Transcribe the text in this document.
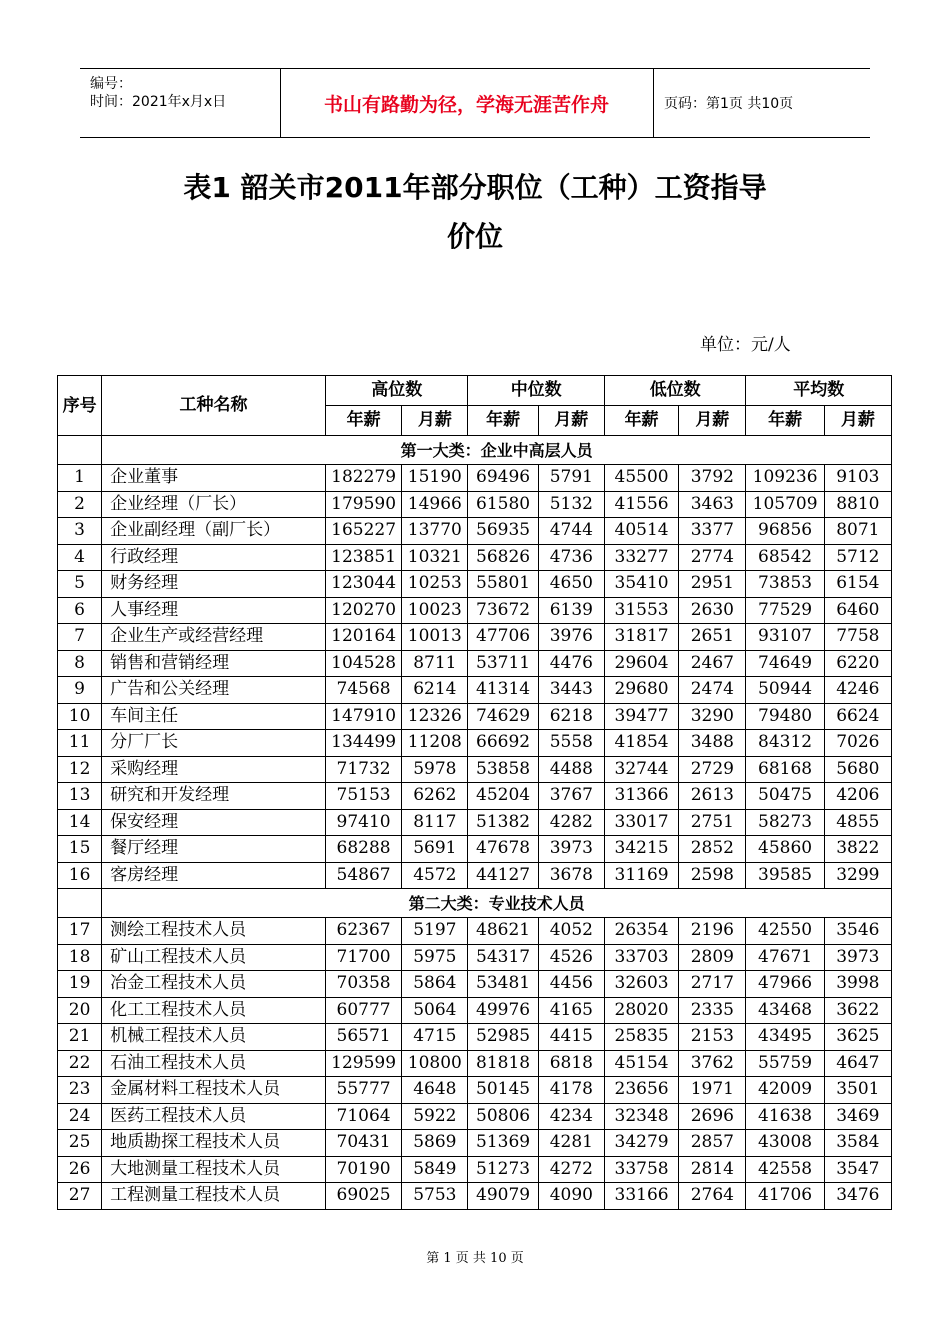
编号：
时间：2021年x月x日	书山有路勤为径，学海无涯苦作舟	页码：第1页 共10页
表1 韶关市2011年部分职位（工种）工资指导
价位
单位：元/人
序号	工种名称	高位数		中位数		低位数		平均数	
		年薪	月薪	年薪	月薪	年薪	月薪	年薪	月薪
	第一大类：企业中高层人员								
1	企业董事	182279	15190	69496	5791	45500	3792	109236	9103
2	企业经理（厂长）	179590	14966	61580	5132	41556	3463	105709	8810
3	企业副经理（副厂长）	165227	13770	56935	4744	40514	3377	96856	8071
4	行政经理	123851	10321	56826	4736	33277	2774	68542	5712
5	财务经理	123044	10253	55801	4650	35410	2951	73853	6154
6	人事经理	120270	10023	73672	6139	31553	2630	77529	6460
7	企业生产或经营经理	120164	10013	47706	3976	31817	2651	93107	7758
8	销售和营销经理	104528	8711	53711	4476	29604	2467	74649	6220
9	广告和公关经理	74568	6214	41314	3443	29680	2474	50944	4246
10	车间主任	147910	12326	74629	6218	39477	3290	79480	6624
11	分厂厂长	134499	11208	66692	5558	41854	3488	84312	7026
12	采购经理	71732	5978	53858	4488	32744	2729	68168	5680
13	研究和开发经理	75153	6262	45204	3767	31366	2613	50475	4206
14	保安经理	97410	8117	51382	4282	33017	2751	58273	4855
15	餐厅经理	68288	5691	47678	3973	34215	2852	45860	3822
16	客房经理	54867	4572	44127	3678	31169	2598	39585	3299
	第二大类：专业技术人员								
17	测绘工程技术人员	62367	5197	48621	4052	26354	2196	42550	3546
18	矿山工程技术人员	71700	5975	54317	4526	33703	2809	47671	3973
19	冶金工程技术人员	70358	5864	53481	4456	32603	2717	47966	3998
20	化工工程技术人员	60777	5064	49976	4165	28020	2335	43468	3622
21	机械工程技术人员	56571	4715	52985	4415	25835	2153	43495	3625
22	石油工程技术人员	129599	10800	81818	6818	45154	3762	55759	4647
23	金属材料工程技术人员	55777	4648	50145	4178	23656	1971	42009	3501
24	医药工程技术人员	71064	5922	50806	4234	32348	2696	41638	3469
25	地质勘探工程技术人员	70431	5869	51369	4281	34279	2857	43008	3584
26	大地测量工程技术人员	70190	5849	51273	4272	33758	2814	42558	3547
27	工程测量工程技术人员	69025	5753	49079	4090	33166	2764	41706	3476
第 1 页 共 10 页
